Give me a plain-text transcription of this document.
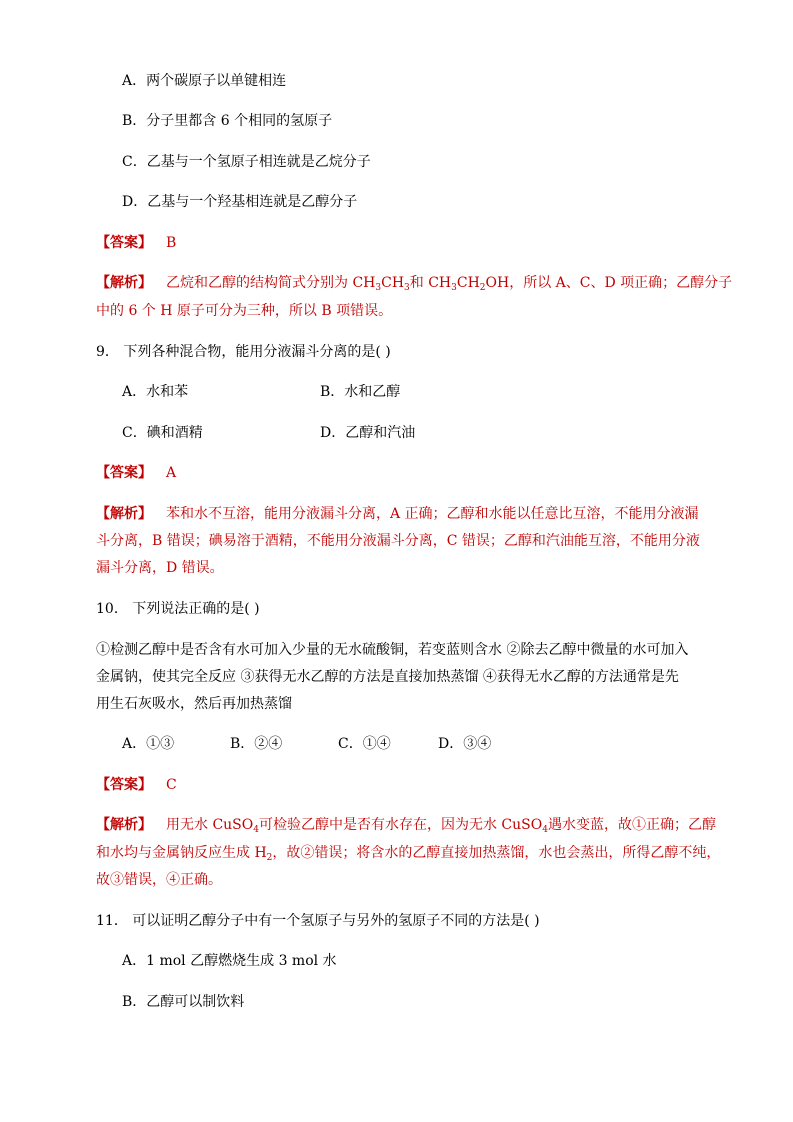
A．两个碳原子以单键相连
B．分子里都含 6 个相同的氢原子
C．乙基与一个氢原子相连就是乙烷分子
D．乙基与一个羟基相连就是乙醇分子
【答案】 B
【解析】 乙烷和乙醇的结构简式分别为 $CH_3CH_3$和 $CH_3CH_2OH$，所以 A、C、D 项正确；乙醇分子
中的 6 个 H 原子可分为三种，所以 B 项错误。
9． 下列各种混合物，能用分液漏斗分离的是( )
A．水和苯	B．水和乙醇
C．碘和酒精	D．乙醇和汽油
【答案】 A
【解析】 苯和水不互溶，能用分液漏斗分离，A 正确；乙醇和水能以任意比互溶，不能用分液漏
斗分离，B 错误；碘易溶于酒精，不能用分液漏斗分离，C 错误；乙醇和汽油能互溶，不能用分液
漏斗分离，D 错误。
10． 下列说法正确的是( )
①检测乙醇中是否含有水可加入少量的无水硫酸铜，若变蓝则含水 ②除去乙醇中微量的水可加入
金属钠，使其完全反应 ③获得无水乙醇的方法是直接加热蒸馏 ④获得无水乙醇的方法通常是先
用生石灰吸水，然后再加热蒸馏
A．①③	B．②④	C．①④	D．③④
【答案】 C
【解析】 用无水 CuSO$_4$可检验乙醇中是否有水存在，因为无水 CuSO$_4$遇水变蓝，故①正确；乙醇
和水均与金属钠反应生成 $H_2$，故②错误；将含水的乙醇直接加热蒸馏，水也会蒸出，所得乙醇不纯，
故③错误，④正确。
11． 可以证明乙醇分子中有一个氢原子与另外的氢原子不同的方法是( )
A．1 mol 乙醇燃烧生成 3 mol 水
B．乙醇可以制饮料
